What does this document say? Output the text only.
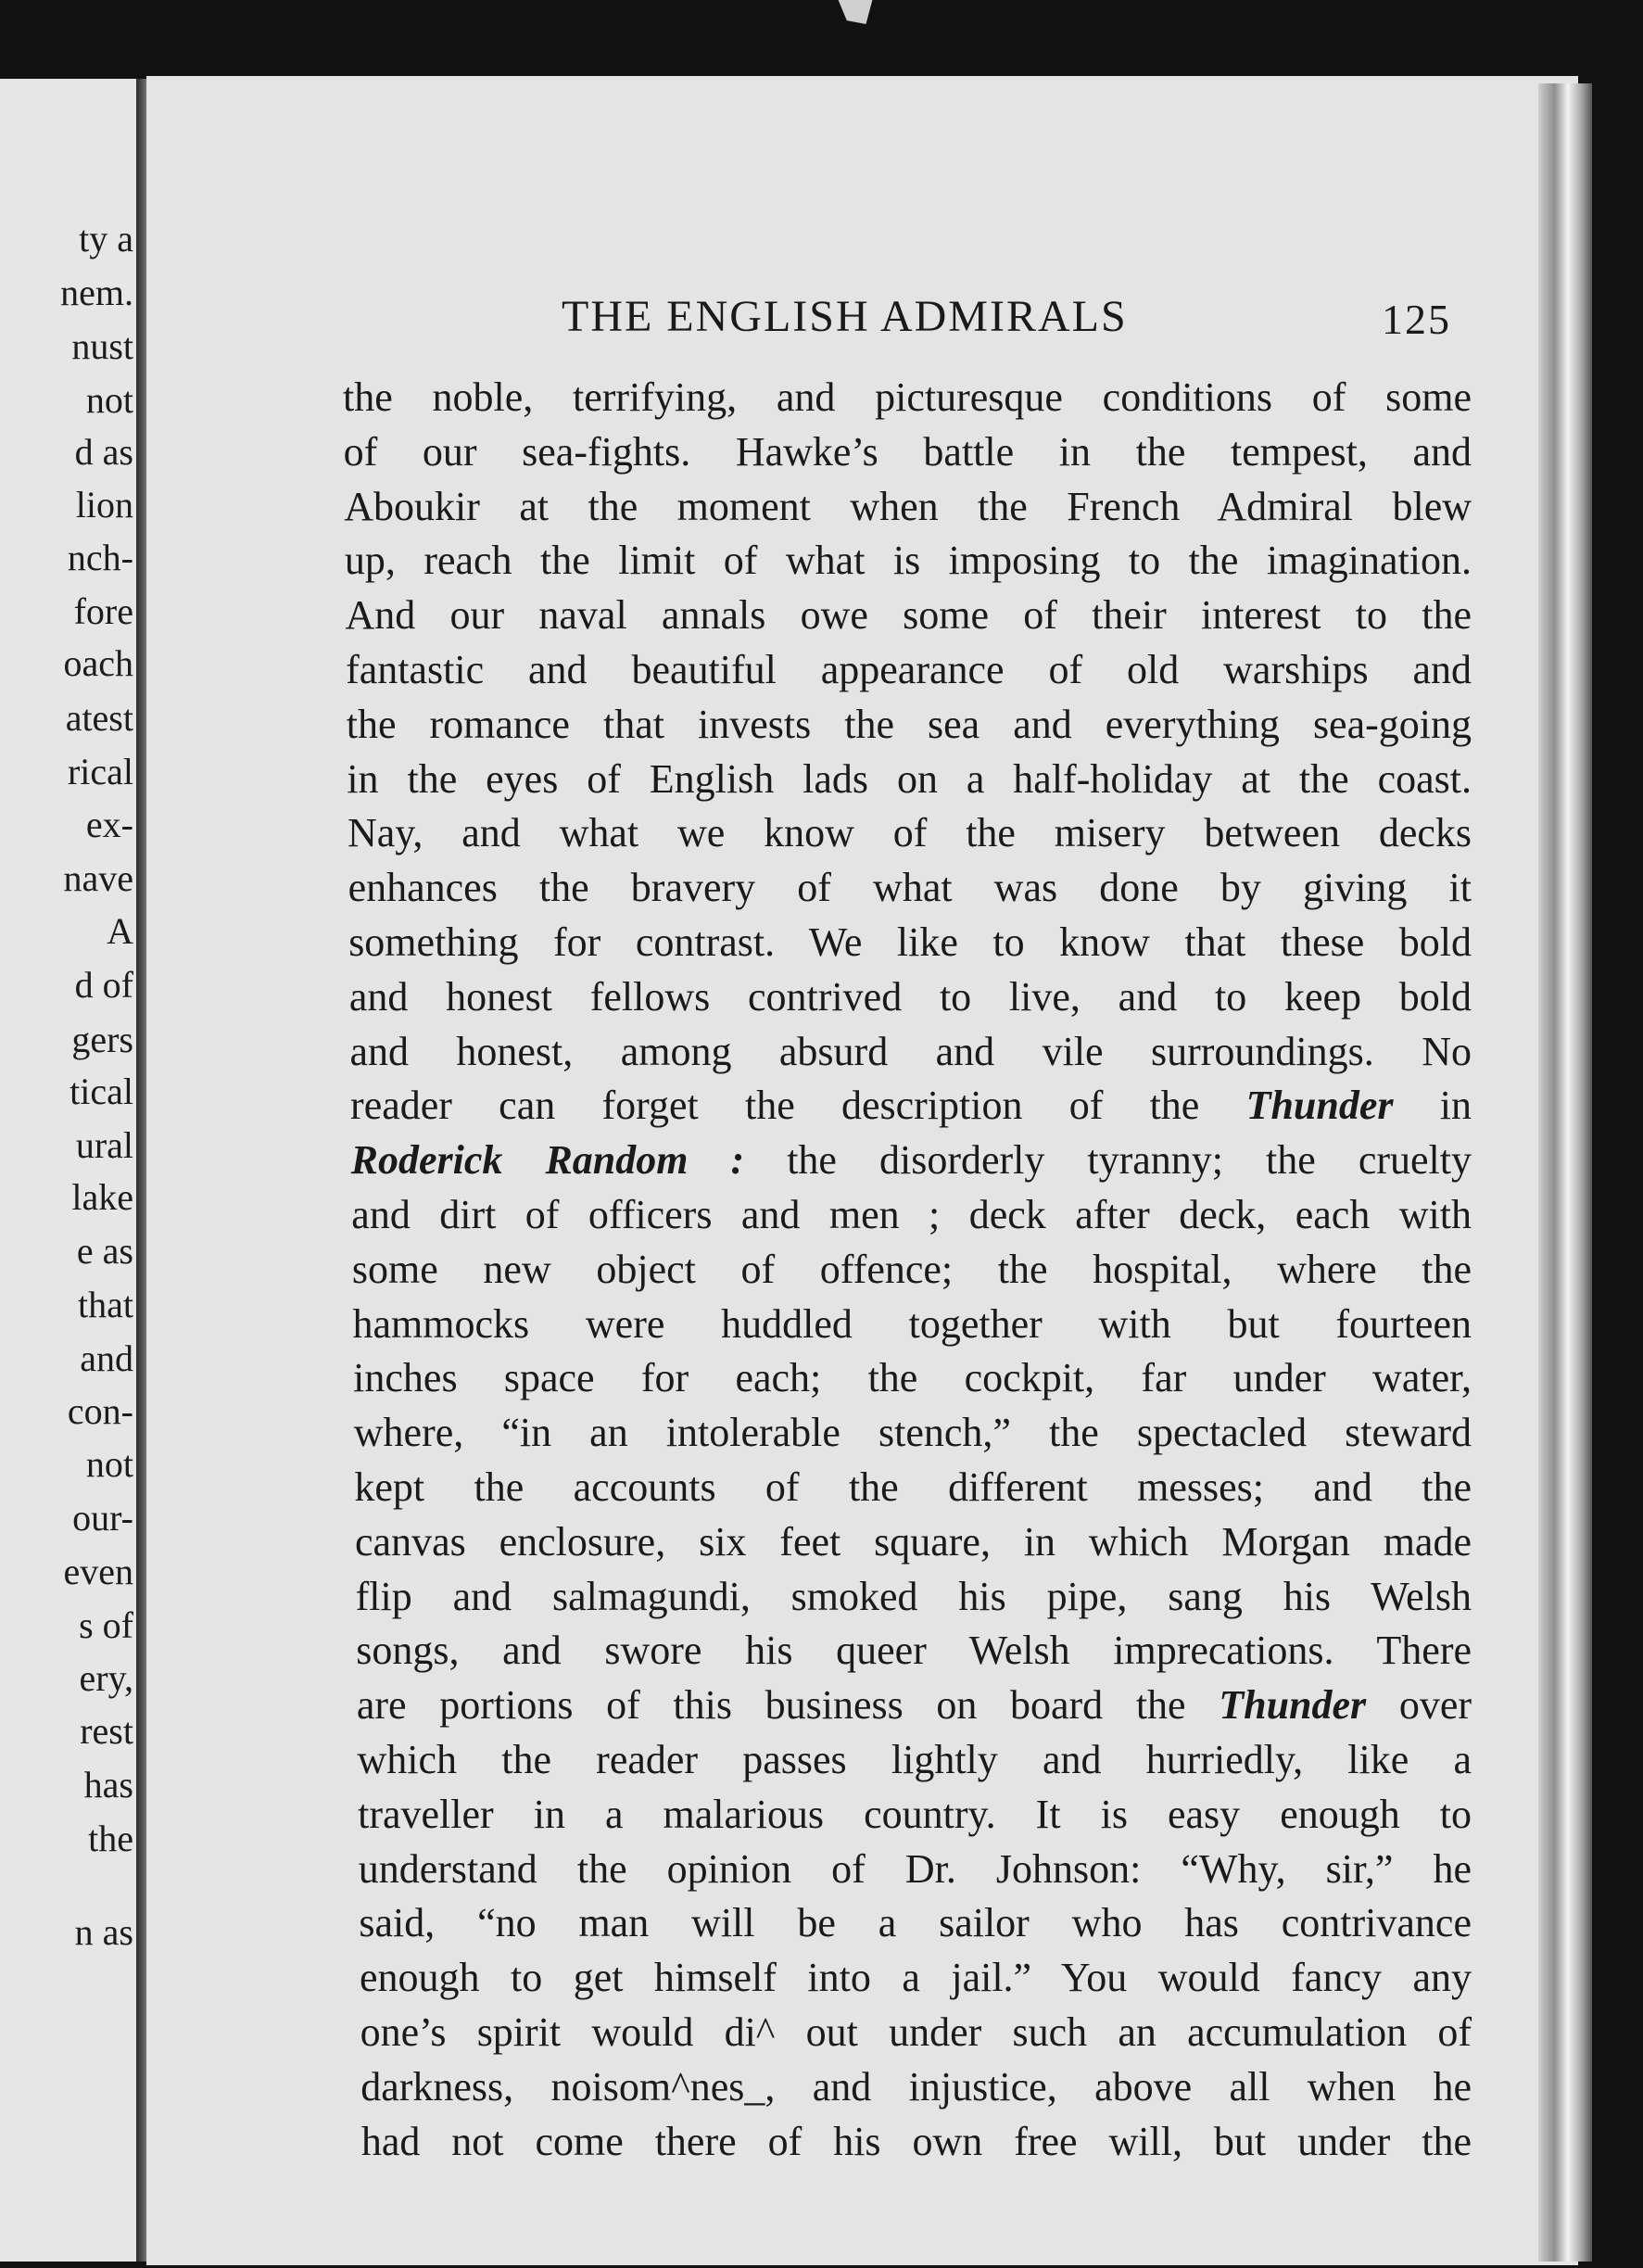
ty a
nem.
nust
not
d as
lion
nch-
fore
oach
atest
rical
ex-
nave
A
d of
gers
tical
ural
lake
e as
that
and
con-
not
our-
even
s of
ery,
rest
has
the
n as
THE ENGLISH ADMIRALS	125
the noble, terrifying, and picturesque conditions of some
of our sea-fights. Hawke’s battle in the tempest, and
Aboukir at the moment when the French Admiral blew
up, reach the limit of what is imposing to the imagination.
And our naval annals owe some of their interest to the
fantastic and beautiful appearance of old warships and
the romance that invests the sea and everything sea-going
in the eyes of English lads on a half-holiday at the coast.
Nay, and what we know of the misery between decks
enhances the bravery of what was done by giving it
something for contrast. We like to know that these bold
and honest fellows contrived to live, and to keep bold
and honest, among absurd and vile surroundings. No
reader can forget the description of the Thunder in
Roderick Random : the disorderly tyranny; the cruelty
and dirt of officers and men ; deck after deck, each with
some new object of offence; the hospital, where the
hammocks were huddled together with but fourteen
inches space for each; the cockpit, far under water,
where, “in an intolerable stench,” the spectacled steward
kept the accounts of the different messes; and the
canvas enclosure, six feet square, in which Morgan made
flip and salmagundi, smoked his pipe, sang his Welsh
songs, and swore his queer Welsh imprecations. There
are portions of this business on board the Thunder over
which the reader passes lightly and hurriedly, like a
traveller in a malarious country. It is easy enough to
understand the opinion of Dr. Johnson: “Why, sir,” he
said, “no man will be a sailor who has contrivance
enough to get himself into a jail.” You would fancy any
one’s spirit would di^ out under such an accumulation of
darkness, noisom^nes_, and injustice, above all when he
had not come there of his own free will, but under the
